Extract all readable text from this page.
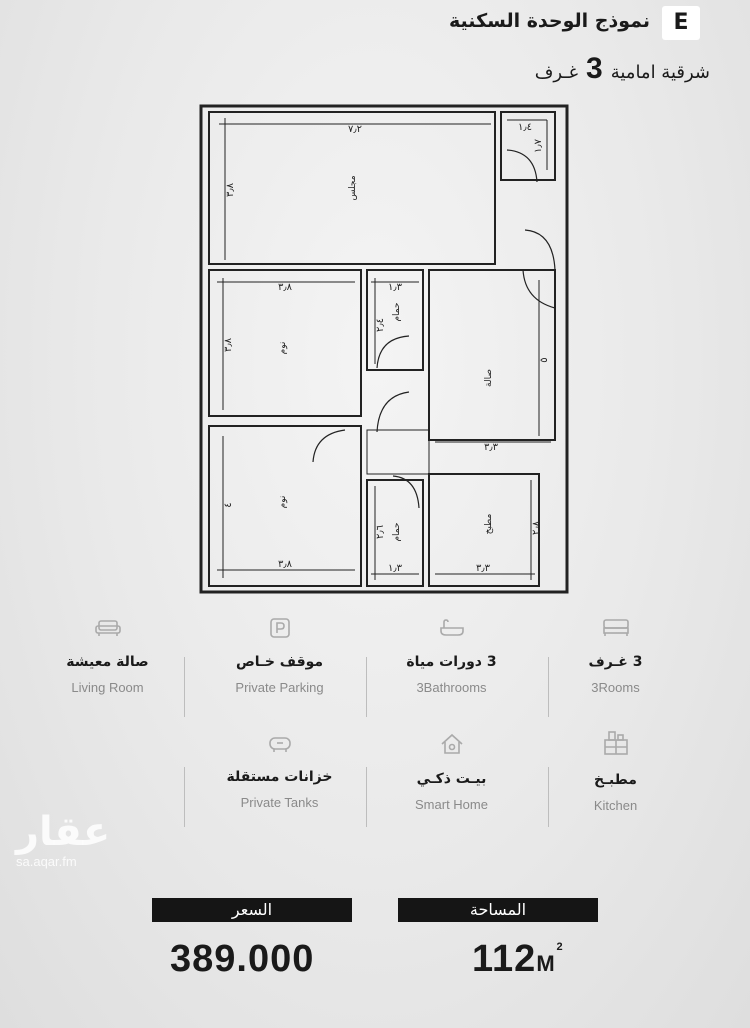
نموذج الوحدة السكنية	E
شرقية امامية
3
غـرف
٧٫٢
٣٫٨
١٫٤
١٫٧
٣٫٨
٣٫٨
١٫٣
٢٫٤
٥
٣٫٣
٤
٣٫٨
٢٫٦
١٫٣
٢٫٨
٣٫٣
مجلس
نوم
نوم
حمام
حمام
صالة
مطبخ
صالة معيشة
Living Room
موقف خـاص
Private Parking
3 دورات مياة
3Bathrooms
3 غـرف
3Rooms
خزانات مستقلة
Private Tanks
بيـت ذكـي
Smart Home
مطبـخ
Kitchen
عقار
sa.aqar.fm
السعر	المساحة
389.000	112M
2
